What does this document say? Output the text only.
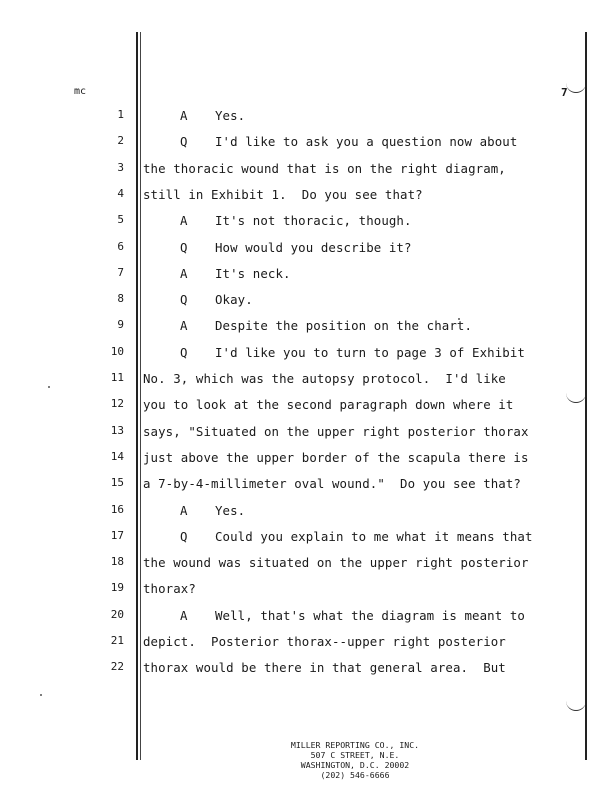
mc	7
1	A Yes.
2	Q I'd like to ask you a question now about
3 the thoracic wound that is on the right diagram,
4 still in Exhibit 1.  Do you see that?
5	A It's not thoracic, though.
6	Q How would you describe it?
7	A It's neck.
8	Q Okay.
9	A Despite the position on the chart.
10	Q I'd like you to turn to page 3 of Exhibit
11 No. 3, which was the autopsy protocol.  I'd like
12 you to look at the second paragraph down where it
13 says, "Situated on the upper right posterior thorax
14 just above the upper border of the scapula there is
15 a 7-by-4-millimeter oval wound."  Do you see that?
16	A Yes.
17	Q Could you explain to me what it means that
18 the wound was situated on the upper right posterior
19 thorax?
20	A Well, that's what the diagram is meant to
21 depict.  Posterior thorax--upper right posterior
22 thorax would be there in that general area.  But
MILLER REPORTING CO., INC.
507 C STREET, N.E.
WASHINGTON, D.C. 20002
(202) 546-6666
